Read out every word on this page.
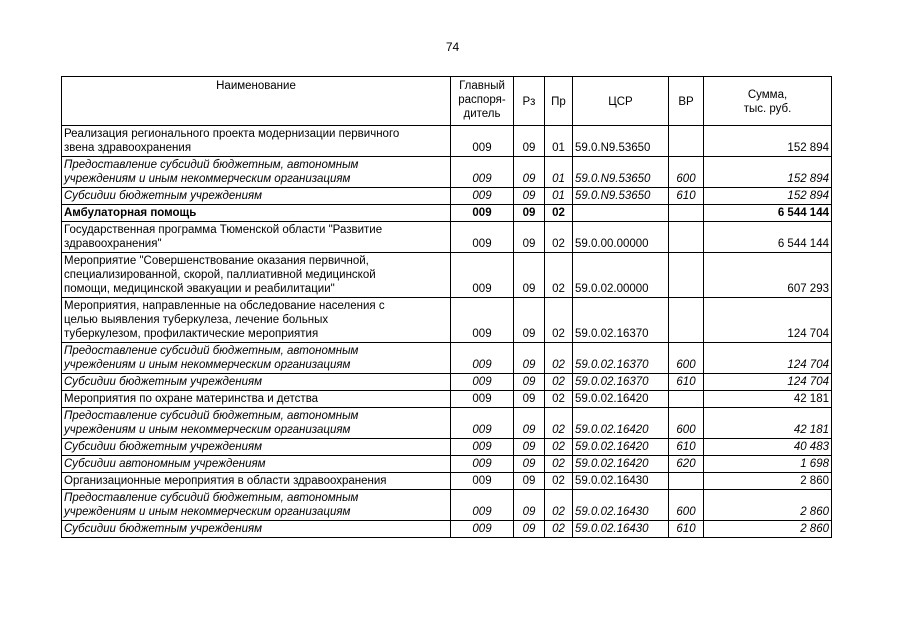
74
Наименование	Главный
распоря-
дитель	Рз	Пр	ЦСР	ВР	Сумма,
тыс. руб.
Реализация регионального проекта модернизации первичного
звена здравоохранения	009	09	01	59.0.N9.53650		152 894
Предоставление субсидий бюджетным, автономным
учреждениям и иным некоммерческим организациям	009	09	01	59.0.N9.53650	600	152 894
Субсидии бюджетным учреждениям	009	09	01	59.0.N9.53650	610	152 894
Амбулаторная помощь	009	09	02			6 544 144
Государственная программа Тюменской области "Развитие
здравоохранения"	009	09	02	59.0.00.00000		6 544 144
Мероприятие "Совершенствование оказания первичной,
специализированной, скорой, паллиативной медицинской
помощи, медицинской эвакуации и реабилитации"	009	09	02	59.0.02.00000		607 293
Мероприятия, направленные на обследование населения с
целью выявления туберкулеза, лечение больных
туберкулезом, профилактические мероприятия	009	09	02	59.0.02.16370		124 704
Предоставление субсидий бюджетным, автономным
учреждениям и иным некоммерческим организациям	009	09	02	59.0.02.16370	600	124 704
Субсидии бюджетным учреждениям	009	09	02	59.0.02.16370	610	124 704
Мероприятия по охране материнства и детства	009	09	02	59.0.02.16420		42 181
Предоставление субсидий бюджетным, автономным
учреждениям и иным некоммерческим организациям	009	09	02	59.0.02.16420	600	42 181
Субсидии бюджетным учреждениям	009	09	02	59.0.02.16420	610	40 483
Субсидии автономным учреждениям	009	09	02	59.0.02.16420	620	1 698
Организационные мероприятия в области здравоохранения	009	09	02	59.0.02.16430		2 860
Предоставление субсидий бюджетным, автономным
учреждениям и иным некоммерческим организациям	009	09	02	59.0.02.16430	600	2 860
Субсидии бюджетным учреждениям	009	09	02	59.0.02.16430	610	2 860
